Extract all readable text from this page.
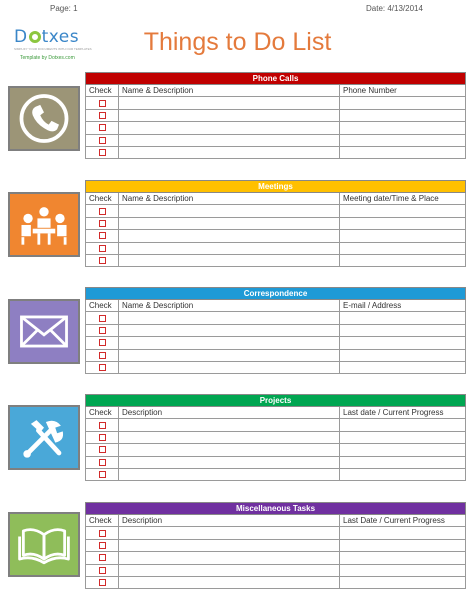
Page: 1	Date: 4/13/2014
D txes
SIMPLIFY YOUR DOCUMENTS WITH OUR TEMPLATES
Template by Dotxes.com
Things to Do List
Phone Calls		
Check	Name & Description	Phone Number

Meetings		
Check	Name & Description	Meeting date/Time & Place

Correspondence		
Check	Name & Description	E-mail / Address

Projects		
Check	Description	Last date / Current Progress

Miscellaneous Tasks		
Check	Description	Last Date / Current Progress
